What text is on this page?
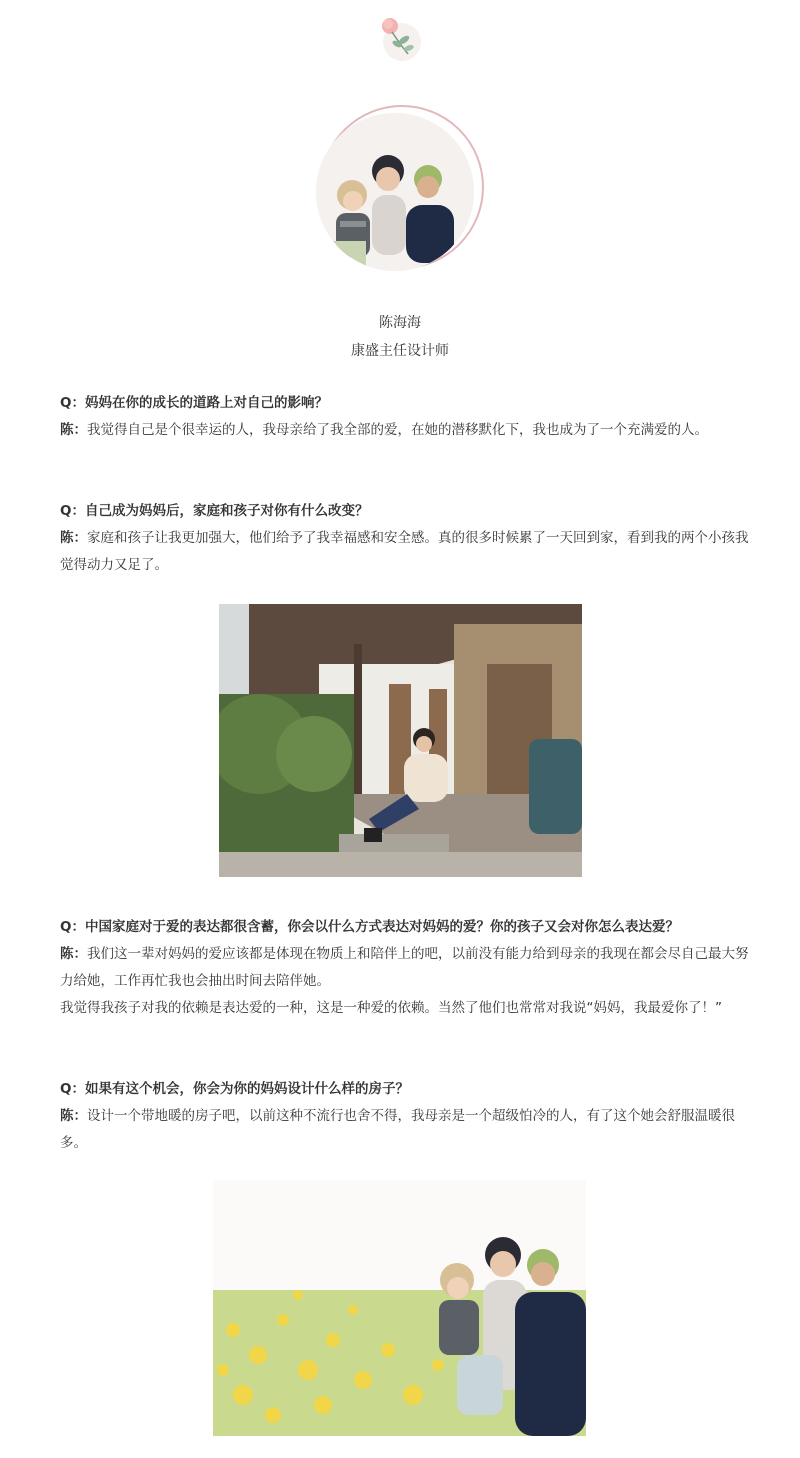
陈海海
康盛主任设计师

Q：妈妈在你的成长的道路上对自己的影响？

陈：我觉得自己是个很幸运的人，我母亲给了我全部的爱，在她的潜移默化下，我也成为了一个充满爱的人。

Q：自己成为妈妈后，家庭和孩子对你有什么改变？

陈：家庭和孩子让我更加强大，他们给予了我幸福感和安全感。真的很多时候累了一天回到家，看到我的两个小孩我觉得动力又足了。

Q：中国家庭对于爱的表达都很含蓄，你会以什么方式表达对妈妈的爱？你的孩子又会对你怎么表达爱？

陈：我们这一辈对妈妈的爱应该都是体现在物质上和陪伴上的吧，以前没有能力给到母亲的我现在都会尽自己最大努力给她，工作再忙我也会抽出时间去陪伴她。

我觉得我孩子对我的依赖是表达爱的一种，这是一种爱的依赖。当然了他们也常常对我说“妈妈，我最爱你了！”

Q：如果有这个机会，你会为你的妈妈设计什么样的房子？

陈：设计一个带地暖的房子吧，以前这种不流行也舍不得，我母亲是一个超级怕冷的人，有了这个她会舒服温暖很多。
